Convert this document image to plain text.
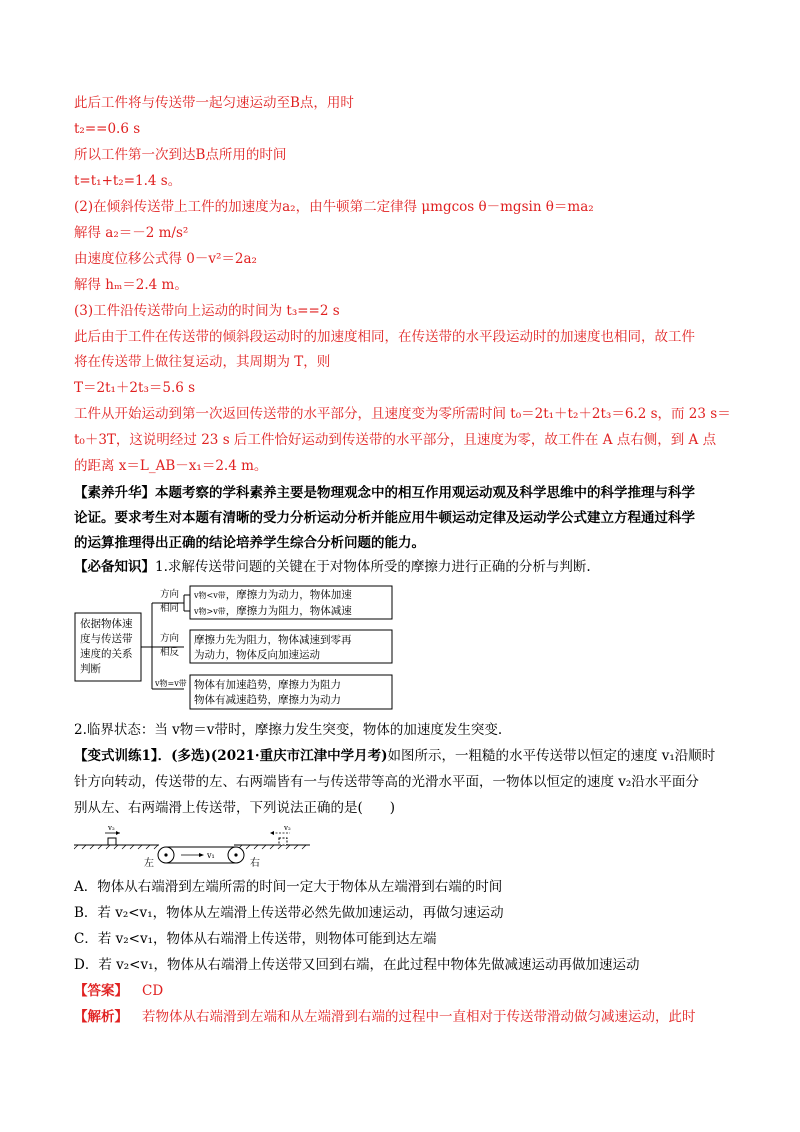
此后工件将与传送带一起匀速运动至B点，用时
t₂==0.6 s
所以工件第一次到达B点所用的时间
t=t₁+t₂=1.4 s。
(2)在倾斜传送带上工件的加速度为a₂，由牛顿第二定律得 μmgcos θ－mgsin θ＝ma₂
解得 a₂＝－2 m/s²
由速度位移公式得 0－v²＝2a₂
解得 hₘ＝2.4 m。
(3)工件沿传送带向上运动的时间为 t₃==2 s
此后由于工件在传送带的倾斜段运动时的加速度相同，在传送带的水平段运动时的加速度也相同，故工件
将在传送带上做往复运动，其周期为 T，则
T＝2t₁＋2t₃＝5.6 s
工件从开始运动到第一次返回传送带的水平部分，且速度变为零所需时间 t₀＝2t₁＋t₂＋2t₃＝6.2 s，而 23 s＝
t₀＋3T，这说明经过 23 s 后工件恰好运动到传送带的水平部分，且速度为零，故工件在 A 点右侧，到 A 点
的距离 x＝L_AB－x₁＝2.4 m。
【素养升华】本题考察的学科素养主要是物理观念中的相互作用观运动观及科学思维中的科学推理与科学
论证。要求考生对本题有清晰的受力分析运动分析并能应用牛顿运动定律及运动学公式建立方程通过科学
的运算推理得出正确的结论培养学生综合分析问题的能力。
【必备知识】1.求解传送带问题的关键在于对物体所受的摩擦力进行正确的分析与判断.
依据物体速
度与传送带
速度的关系
判断
方向
相同
v物<v带，摩擦力为动力，物体加速
v物>v带，摩擦力为阻力，物体减速
方向
相反
摩擦力先为阻力，物体减速到零再
为动力，物体反向加速运动
v物=v带 物体有加速趋势，摩擦力为阻力
物体有减速趋势，摩擦力为动力
2.临界状态：当 v物＝v带时，摩擦力发生突变，物体的加速度发生突变.
【变式训练1】．(多选)(2021·重庆市江津中学月考)如图所示，一粗糙的水平传送带以恒定的速度 v₁沿顺时
针方向转动，传送带的左、右两端皆有一与传送带等高的光滑水平面，一物体以恒定的速度 v₂沿水平面分
别从左、右两端滑上传送带，下列说法正确的是(　　)
v₂	v₂
v₁
左	右
A．物体从右端滑到左端所需的时间一定大于物体从左端滑到右端的时间
B．若 v₂<v₁，物体从左端滑上传送带必然先做加速运动，再做匀速运动
C．若 v₂<v₁，物体从右端滑上传送带，则物体可能到达左端
D．若 v₂<v₁，物体从右端滑上传送带又回到右端，在此过程中物体先做减速运动再做加速运动
【答案】 CD
【解析】 若物体从右端滑到左端和从左端滑到右端的过程中一直相对于传送带滑动做匀减速运动，此时
